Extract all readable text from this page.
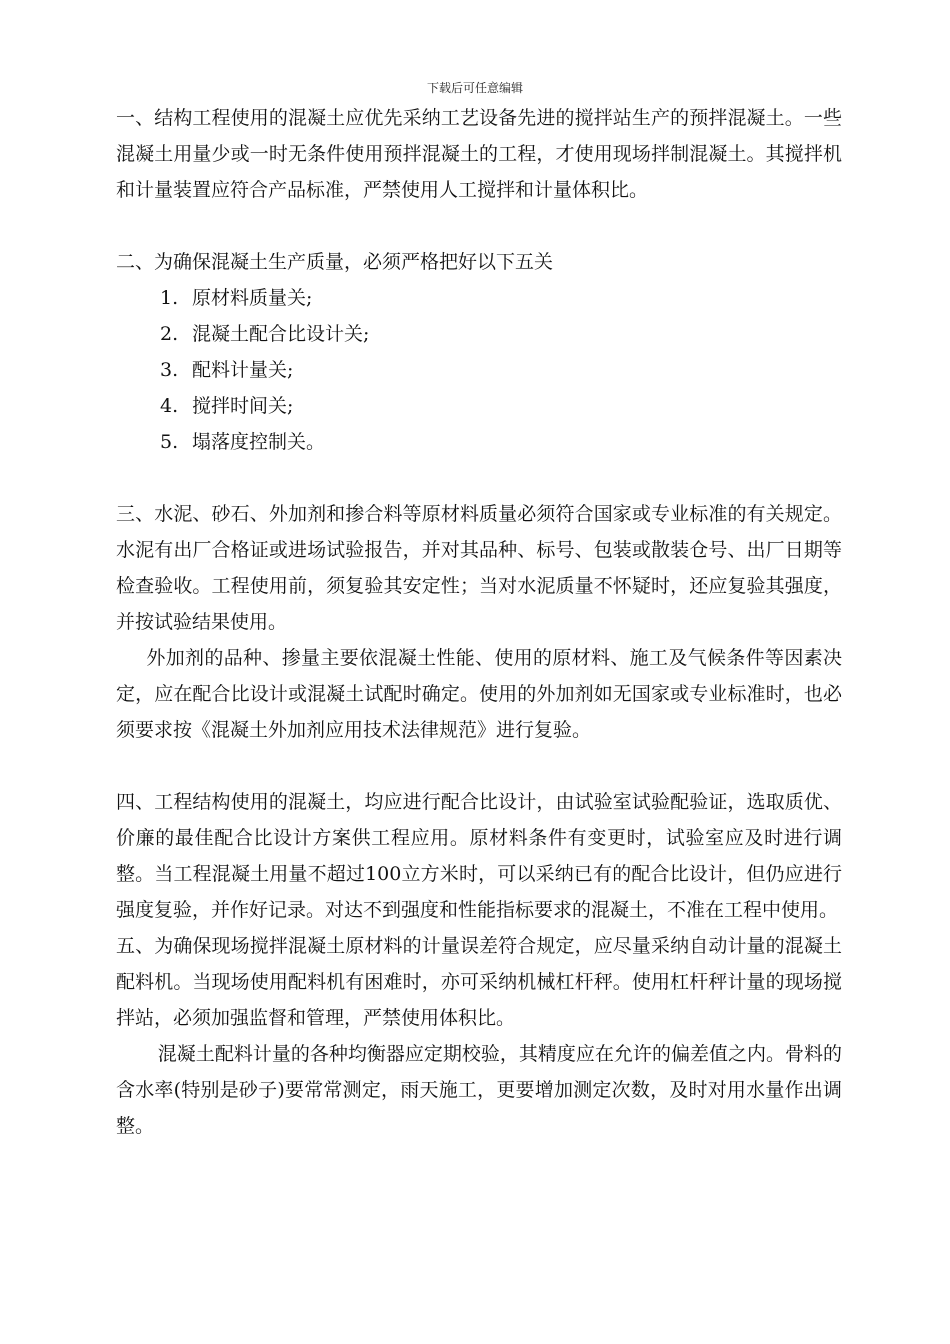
下载后可任意编辑

一、结构工程使用的混凝土应优先采纳工艺设备先进的搅拌站生产的预拌混凝土。一些混凝土用量少或一时无条件使用预拌混凝土的工程，才使用现场拌制混凝土。其搅拌机和计量装置应符合产品标准，严禁使用人工搅拌和计量体积比。

二、为确保混凝土生产质量，必须严格把好以下五关

1. 原材料质量关;
2. 混凝土配合比设计关;
3. 配料计量关;
4. 搅拌时间关;
5. 塌落度控制关。

三、水泥、砂石、外加剂和掺合料等原材料质量必须符合国家或专业标准的有关规定。水泥有出厂合格证或进场试验报告，并对其品种、标号、包装或散装仓号、出厂日期等检查验收。工程使用前，须复验其安定性；当对水泥质量不怀疑时，还应复验其强度，并按试验结果使用。

外加剂的品种、掺量主要依混凝土性能、使用的原材料、施工及气候条件等因素决定，应在配合比设计或混凝土试配时确定。使用的外加剂如无国家或专业标准时，也必须要求按《混凝土外加剂应用技术法律规范》进行复验。

四、工程结构使用的混凝土，均应进行配合比设计，由试验室试验配验证，选取质优、价廉的最佳配合比设计方案供工程应用。原材料条件有变更时，试验室应及时进行调整。当工程混凝土用量不超过100立方米时，可以采纳已有的配合比设计，但仍应进行强度复验，并作好记录。对达不到强度和性能指标要求的混凝土，不准在工程中使用。

五、为确保现场搅拌混凝土原材料的计量误差符合规定，应尽量采纳自动计量的混凝土配料机。当现场使用配料机有困难时，亦可采纳机械杠杆秤。使用杠杆秤计量的现场搅拌站，必须加强监督和管理，严禁使用体积比。

混凝土配料计量的各种均衡器应定期校验，其精度应在允许的偏差值之内。骨料的含水率(特别是砂子)要常常测定，雨天施工，更要增加测定次数，及时对用水量作出调整。
